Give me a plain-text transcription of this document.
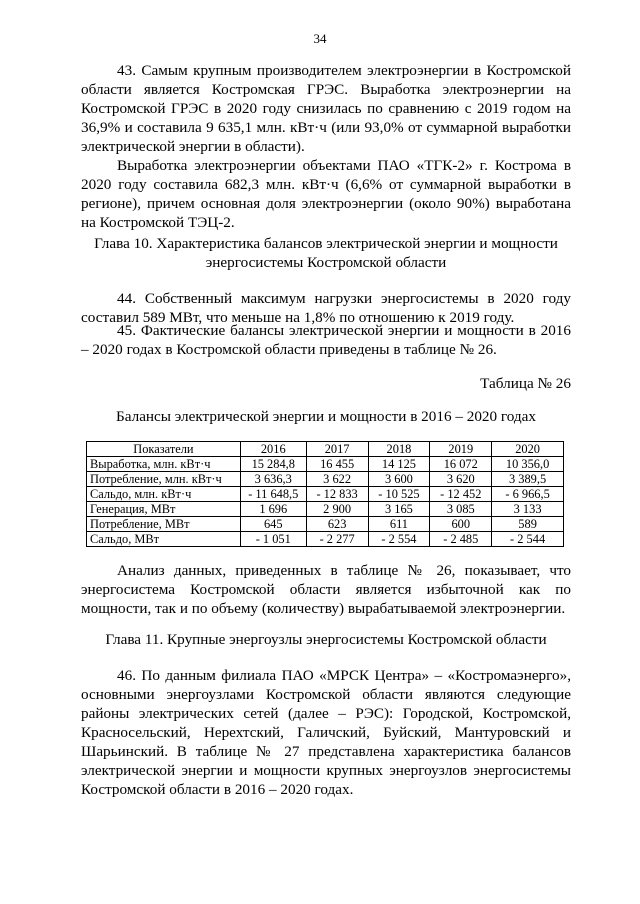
34

43. Самым крупным производителем электроэнергии в Костромской области является Костромская ГРЭС. Выработка электроэнергии на Костромской ГРЭС в 2020 году снизилась по сравнению с 2019 годом на 36,9% и составила 9 635,1 млн. кВт·ч (или 93,0% от суммарной выработки электрической энергии в области).

Выработка электроэнергии объектами ПАО «ТГК-2» г. Кострома в 2020 году составила 682,3 млн. кВт·ч (6,6% от суммарной выработки в регионе), причем основная доля электроэнергии (около 90%) выработана на Костромской ТЭЦ-2.

Глава 10. Характеристика балансов электрической энергии и мощности

энергосистемы Костромской области

44. Собственный максимум нагрузки энергосистемы в 2020 году составил 589 МВт, что меньше на 1,8% по отношению к 2019 году.

45. Фактические балансы электрической энергии и мощности в 2016 – 2020 годах в Костромской области приведены в таблице № 26.

Таблица № 26

Балансы электрической энергии и мощности в 2016 – 2020 годах

Показатели	2016	2017	2018	2019	2020
Выработка, млн. кВт·ч	15 284,8	16 455	14 125	16 072	10 356,0
Потребление, млн. кВт·ч	3 636,3	3 622	3 600	3 620	3 389,5
Сальдо, млн. кВт·ч	- 11 648,5	- 12 833	- 10 525	- 12 452	- 6 966,5
Генерация, МВт	1 696	2 900	3 165	3 085	3 133
Потребление, МВт	645	623	611	600	589
Сальдо, МВт	- 1 051	- 2 277	- 2 554	- 2 485	- 2 544

Анализ данных, приведенных в таблице № 26, показывает, что энергосистема Костромской области является избыточной как по мощности, так и по объему (количеству) вырабатываемой электроэнергии.

Глава 11. Крупные энергоузлы энергосистемы Костромской области

46. По данным филиала ПАО «МРСК Центра» – «Костромаэнерго», основными энергоузлами Костромской области являются следующие районы электрических сетей (далее – РЭС): Городской, Костромской, Красносельский, Нерехтский, Галичский, Буйский, Мантуровский и Шарьинский. В таблице № 27 представлена характеристика балансов электрической энергии и мощности крупных энергоузлов энергосистемы Костромской области в 2016 – 2020 годах.
